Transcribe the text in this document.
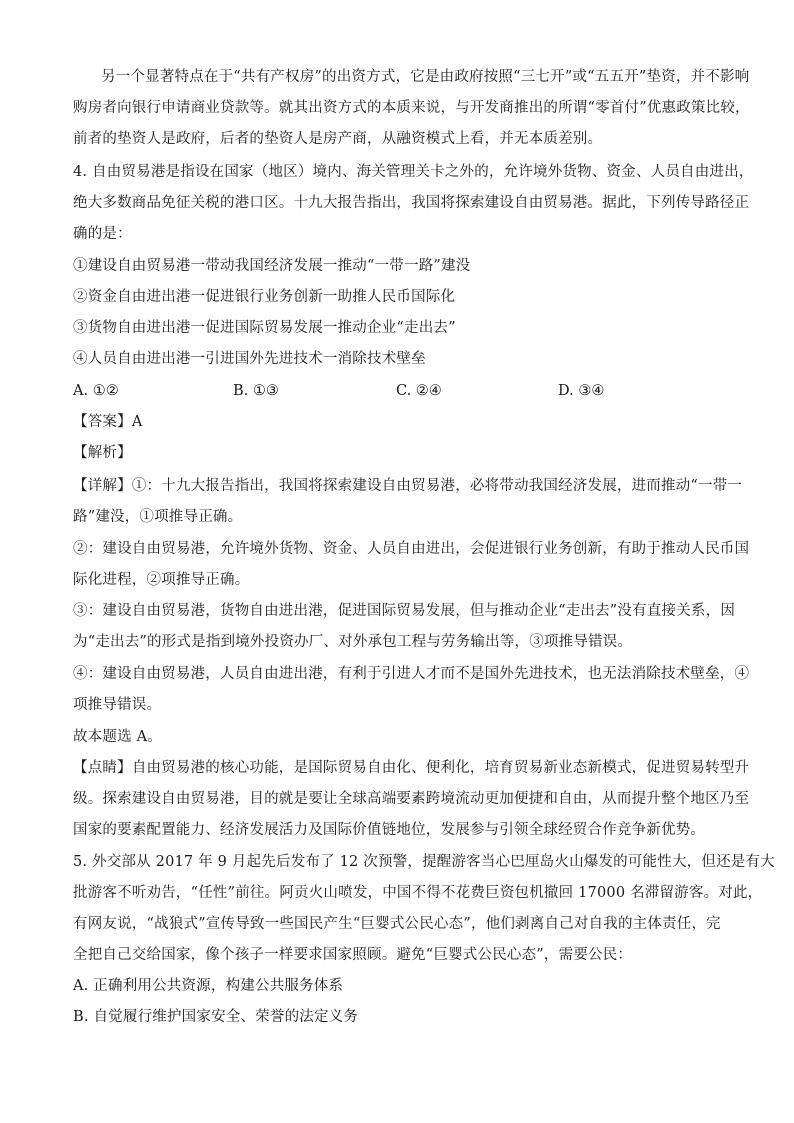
另一个显著特点在于“共有产权房”的出资方式，它是由政府按照“三七开”或“五五开”垫资，并不影响
购房者向银行申请商业贷款等。就其出资方式的本质来说，与开发商推出的所谓“零首付”优惠政策比较，
前者的垫资人是政府，后者的垫资人是房产商，从融资模式上看，并无本质差别。
4. 自由贸易港是指设在国家（地区）境内、海关管理关卡之外的，允许境外货物、资金、人员自由进出，
绝大多数商品免征关税的港口区。十九大报告指出，我国将探索建设自由贸易港。据此，下列传导路径正
确的是：
①建设自由贸易港一带动我国经济发展一推动“一带一路”建没
②资金自由进出港一促进银行业务创新一助推人民币国际化
③货物自由进出港一促进国际贸易发展一推动企业“走出去”
④人员自由进出港一引进国外先进技术一消除技术壁垒
A. ①②	B. ①③	C. ②④	D. ③④
【答案】A
【解析】
【详解】①：十九大报告指出，我国将探索建设自由贸易港，必将带动我国经济发展，进而推动“一带一
路”建没，①项推导正确。
②：建设自由贸易港，允许境外货物、资金、人员自由进出，会促进银行业务创新，有助于推动人民币国
际化进程，②项推导正确。
③：建设自由贸易港，货物自由进出港，促进国际贸易发展，但与推动企业“走出去”没有直接关系，因
为“走出去”的形式是指到境外投资办厂、对外承包工程与劳务输出等，③项推导错误。
④：建设自由贸易港，人员自由进出港，有利于引进人才而不是国外先进技术，也无法消除技术壁垒，④
项推导错误。
故本题选 A。
【点睛】自由贸易港的核心功能，是国际贸易自由化、便利化，培育贸易新业态新模式，促进贸易转型升
级。探索建设自由贸易港，目的就是要让全球高端要素跨境流动更加便捷和自由，从而提升整个地区乃至
国家的要素配置能力、经济发展活力及国际价值链地位，发展参与引领全球经贸合作竞争新优势。
5. 外交部从 2017 年 9 月起先后发布了 12 次预警，提醒游客当心巴厘岛火山爆发的可能性大，但还是有大
批游客不听劝告，“任性”前往。阿贡火山喷发，中国不得不花费巨资包机撤回 17000 名滞留游客。对此，
有网友说，“战狼式”宣传导致一些国民产生“巨婴式公民心态”，他们剥离自己对自我的主体责任，完
全把自己交给国家，像个孩子一样要求国家照顾。避免“巨婴式公民心态”，需要公民：
A. 正确利用公共资源，构建公共服务体系
B. 自觉履行维护国家安全、荣誉的法定义务
